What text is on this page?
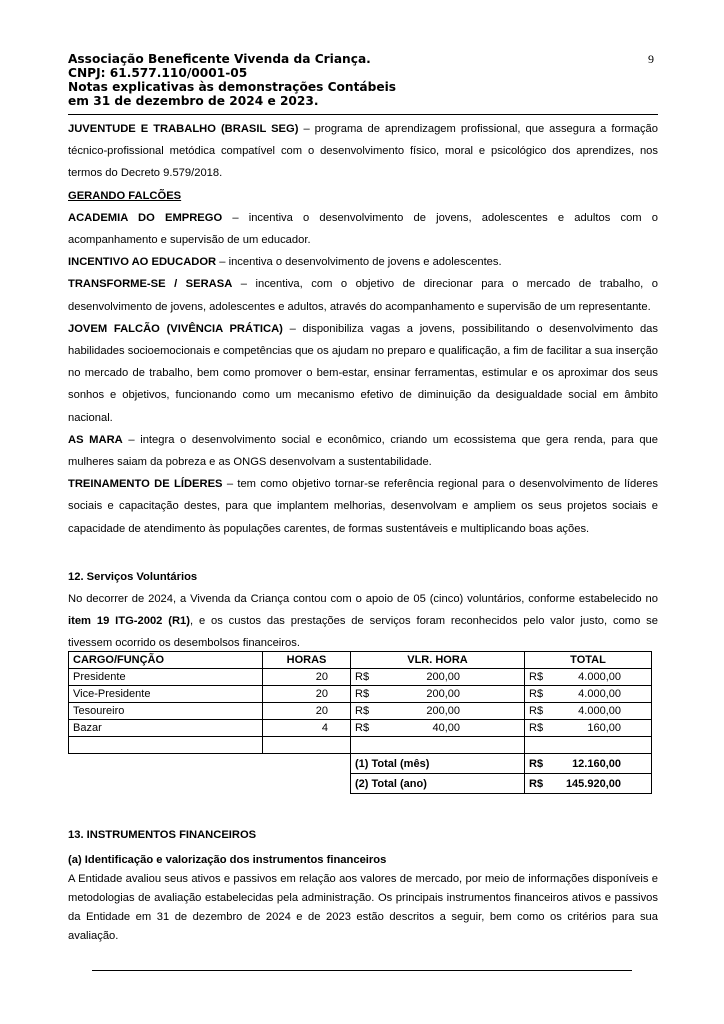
Associação Beneficente Vivenda da Criança.
CNPJ: 61.577.110/0001-05
Notas explicativas às demonstrações Contábeis
em 31 de dezembro de 2024 e 2023.
9

JUVENTUDE E TRABALHO (BRASIL SEG) – programa de aprendizagem profissional, que assegura a formação técnico-profissional metódica compatível com o desenvolvimento físico, moral e psicológico dos aprendizes, nos termos do Decreto 9.579/2018.

GERANDO FALCÕES

ACADEMIA DO EMPREGO – incentiva o desenvolvimento de jovens, adolescentes e adultos com o acompanhamento e supervisão de um educador.

INCENTIVO AO EDUCADOR – incentiva o desenvolvimento de jovens e adolescentes.

TRANSFORME-SE / SERASA – incentiva, com o objetivo de direcionar para o mercado de trabalho, o desenvolvimento de jovens, adolescentes e adultos, através do acompanhamento e supervisão de um representante.

JOVEM FALCÃO (VIVÊNCIA PRÁTICA) – disponibiliza vagas a jovens, possibilitando o desenvolvimento das habilidades socioemocionais e competências que os ajudam no preparo e qualificação, a fim de facilitar a sua inserção no mercado de trabalho, bem como promover o bem-estar, ensinar ferramentas, estimular e os aproximar dos seus sonhos e objetivos, funcionando como um mecanismo efetivo de diminuição da desigualdade social em âmbito nacional.

AS MARA – integra o desenvolvimento social e econômico, criando um ecossistema que gera renda, para que mulheres saiam da pobreza e as ONGS desenvolvam a sustentabilidade.

TREINAMENTO DE LÍDERES – tem como objetivo tornar-se referência regional para o desenvolvimento de líderes sociais e capacitação destes, para que implantem melhorias, desenvolvam e ampliem os seus projetos sociais e capacidade de atendimento às populações carentes, de formas sustentáveis e multiplicando boas ações.

12. Serviços Voluntários

No decorrer de 2024, a Vivenda da Criança contou com o apoio de 05 (cinco) voluntários, conforme estabelecido no item 19 ITG-2002 (R1), e os custos das prestações de serviços foram reconhecidos pelo valor justo, como se tivessem ocorrido os desembolsos financeiros.

CARGO/FUNÇÃO	HORAS	VLR. HORA	TOTAL
Presidente	20	R$ 200,00	R$ 4.000,00

Vice-Presidente	20	R$ 200,00	R$ 4.000,00

Tesoureiro	20	R$ 200,00	R$ 4.000,00

Bazar	4	R$ 40,00	R$ 160,00

		(1) Total (mês)	R$ 12.160,00

		(2) Total (ano)	R$ 145.920,00

13. INSTRUMENTOS FINANCEIROS

(a) Identificação e valorização dos instrumentos financeiros

A Entidade avaliou seus ativos e passivos em relação aos valores de mercado, por meio de informações disponíveis e metodologias de avaliação estabelecidas pela administração. Os principais instrumentos financeiros ativos e passivos da Entidade em 31 de dezembro de 2024 e de 2023 estão descritos a seguir, bem como os critérios para sua avaliação.
